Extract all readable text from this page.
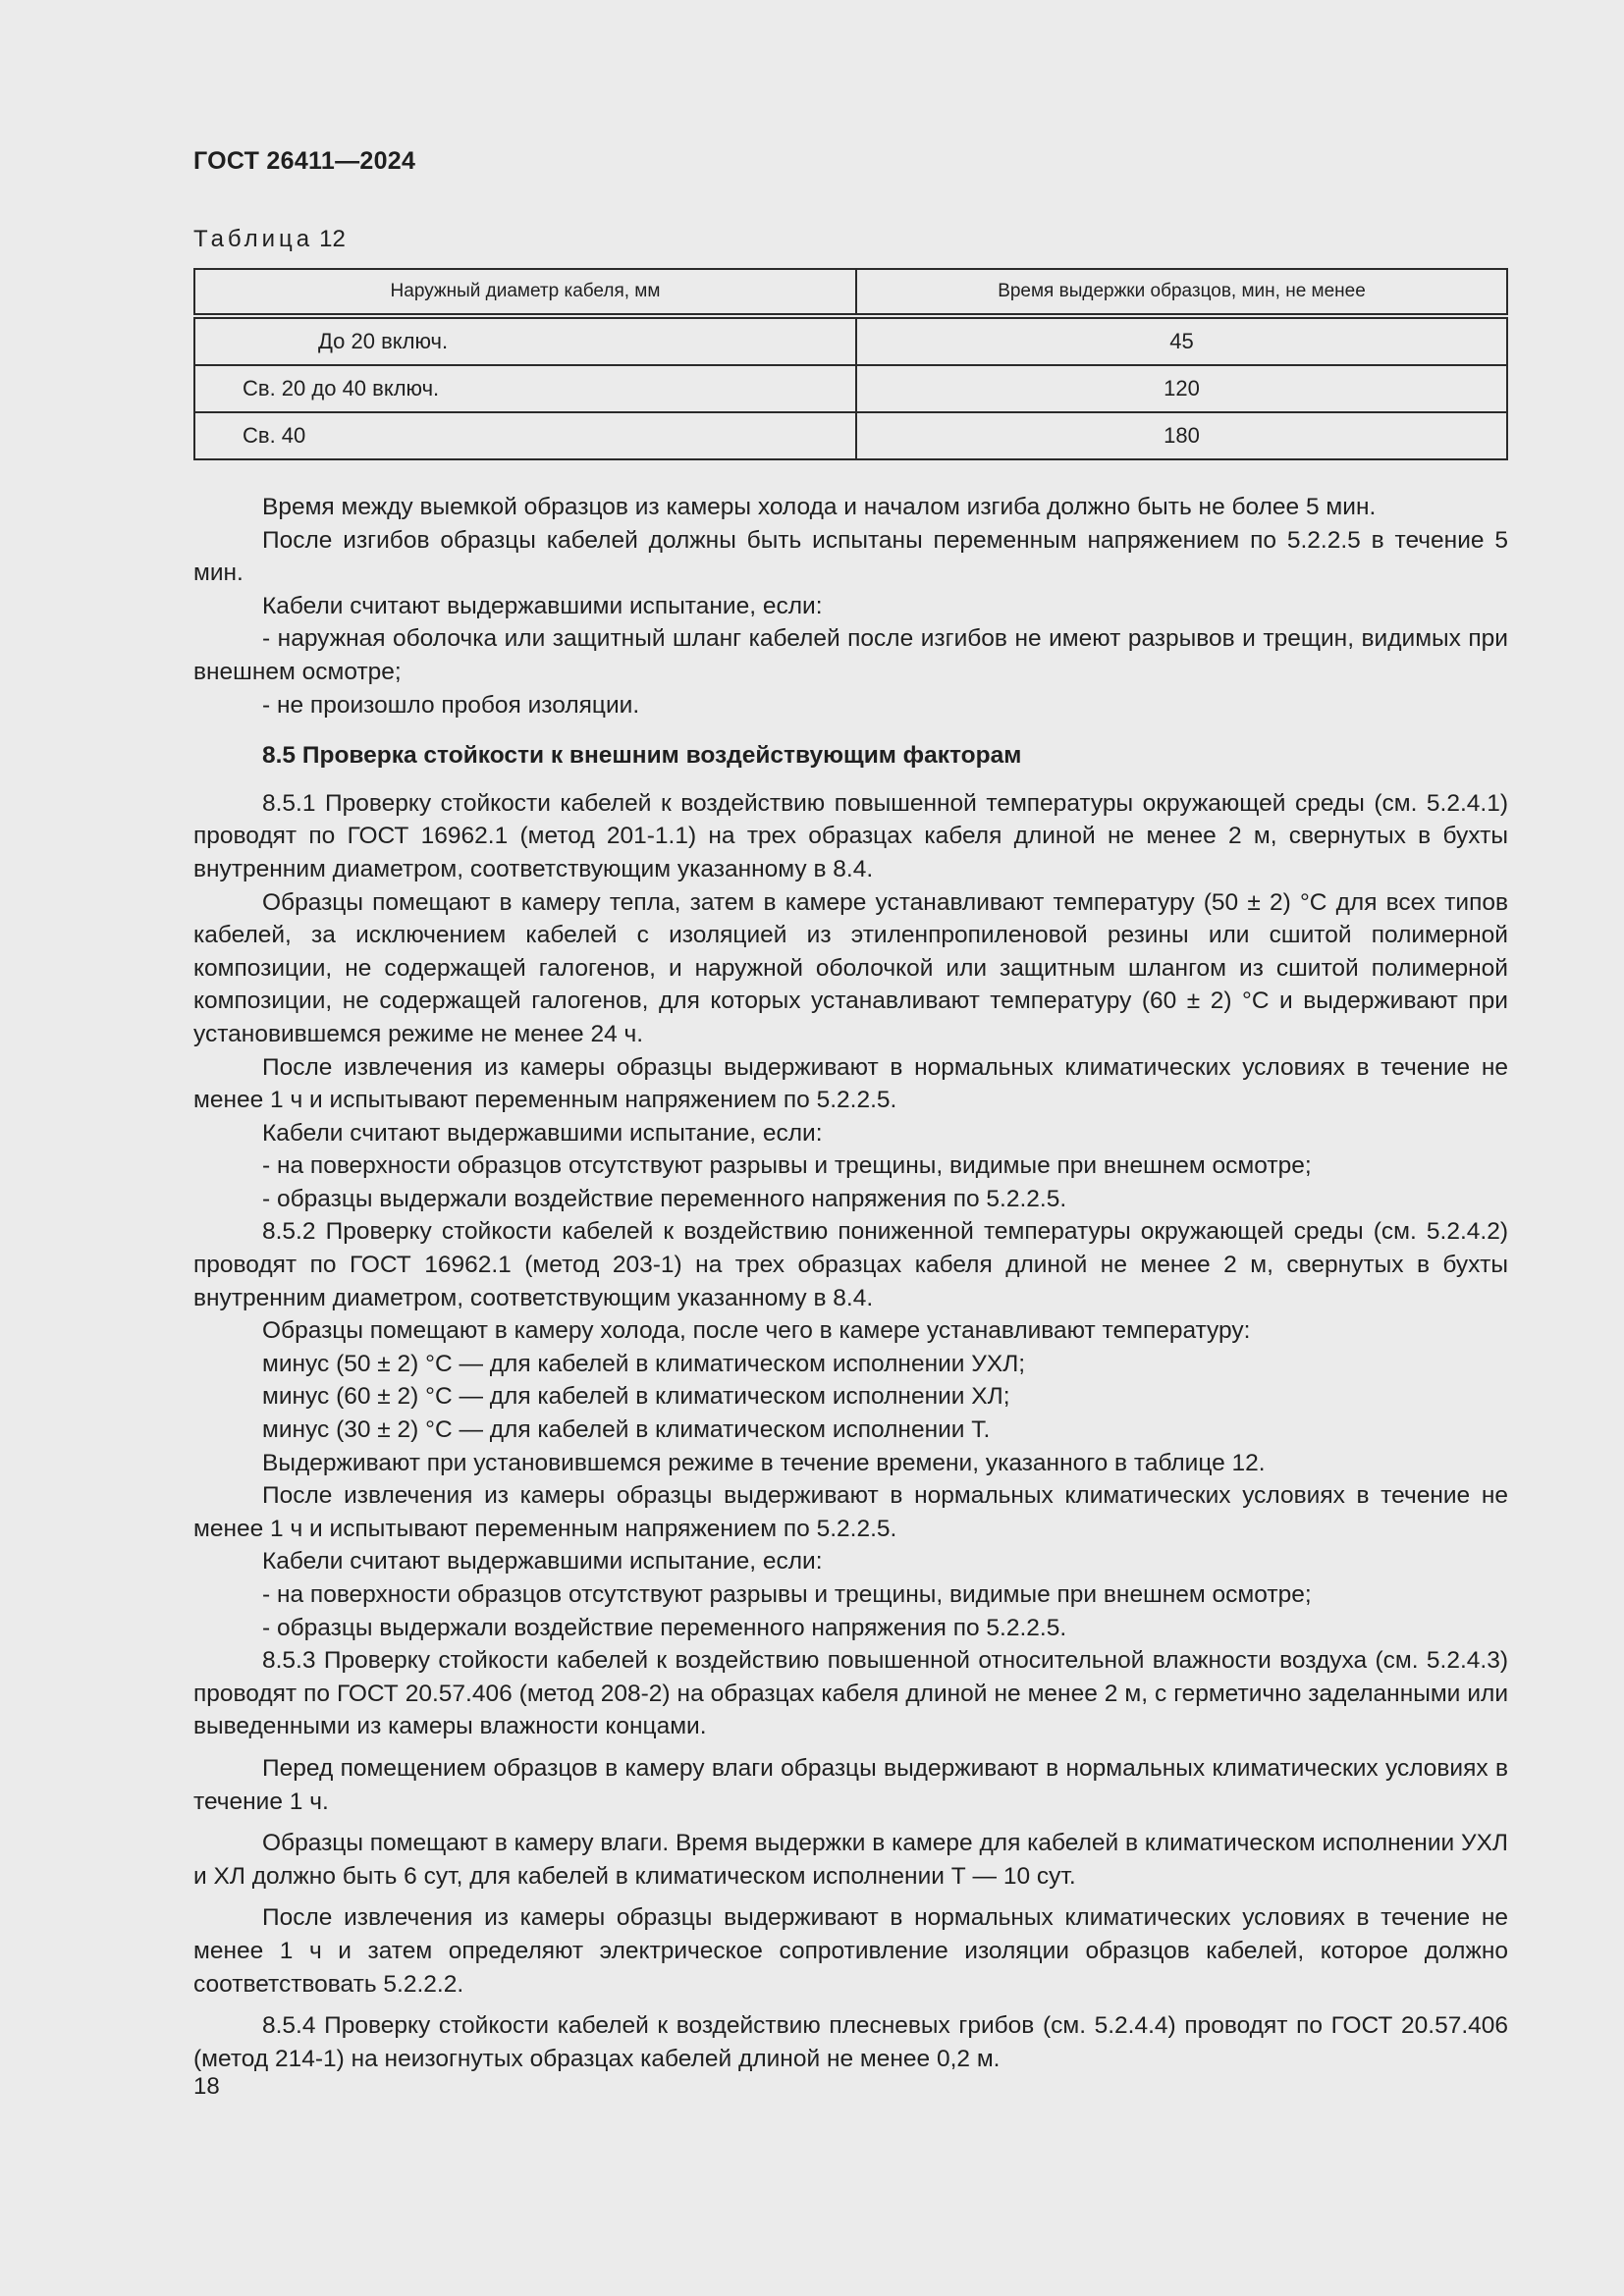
ГОСТ 26411—2024
Таблица 12
Наружный диаметр кабеля, мм	Время выдержки образцов, мин, не менее
До 20 включ.	45
Св. 20 до 40 включ.	120
Св. 40	180

Время между выемкой образцов из камеры холода и началом изгиба должно быть не более 5 мин.

После изгибов образцы кабелей должны быть испытаны переменным напряжением по 5.2.2.5 в течение 5 мин.

Кабели считают выдержавшими испытание, если:

- наружная оболочка или защитный шланг кабелей после изгибов не имеют разрывов и трещин, видимых при внешнем осмотре;

- не произошло пробоя изоляции.

8.5 Проверка стойкости к внешним воздействующим факторам

8.5.1 Проверку стойкости кабелей к воздействию повышенной температуры окружающей среды (см. 5.2.4.1) проводят по ГОСТ 16962.1 (метод 201-1.1) на трех образцах кабеля длиной не менее 2 м, свернутых в бухты внутренним диаметром, соответствующим указанному в 8.4.

Образцы помещают в камеру тепла, затем в камере устанавливают температуру (50 ± 2) °С для всех типов кабелей, за исключением кабелей с изоляцией из этиленпропиленовой резины или сшитой полимерной композиции, не содержащей галогенов, и наружной оболочкой или защитным шлангом из сшитой полимерной композиции, не содержащей галогенов, для которых устанавливают температуру (60 ± 2) °С и выдерживают при установившемся режиме не менее 24 ч.

После извлечения из камеры образцы выдерживают в нормальных климатических условиях в течение не менее 1 ч и испытывают переменным напряжением по 5.2.2.5.

Кабели считают выдержавшими испытание, если:

- на поверхности образцов отсутствуют разрывы и трещины, видимые при внешнем осмотре;

- образцы выдержали воздействие переменного напряжения по 5.2.2.5.

8.5.2 Проверку стойкости кабелей к воздействию пониженной температуры окружающей среды (см. 5.2.4.2) проводят по ГОСТ 16962.1 (метод 203-1) на трех образцах кабеля длиной не менее 2 м, свернутых в бухты внутренним диаметром, соответствующим указанному в 8.4.

Образцы помещают в камеру холода, после чего в камере устанавливают температуру:

минус (50 ± 2) °С — для кабелей в климатическом исполнении УХЛ;

минус (60 ± 2) °С — для кабелей в климатическом исполнении ХЛ;

минус (30 ± 2) °С — для кабелей в климатическом исполнении Т.

Выдерживают при установившемся режиме в течение времени, указанного в таблице 12.

После извлечения из камеры образцы выдерживают в нормальных климатических условиях в течение не менее 1 ч и испытывают переменным напряжением по 5.2.2.5.

Кабели считают выдержавшими испытание, если:

- на поверхности образцов отсутствуют разрывы и трещины, видимые при внешнем осмотре;

- образцы выдержали воздействие переменного напряжения по 5.2.2.5.

8.5.3 Проверку стойкости кабелей к воздействию повышенной относительной влажности воздуха (см. 5.2.4.3) проводят по ГОСТ 20.57.406 (метод 208-2) на образцах кабеля длиной не менее 2 м, с герметично заделанными или выведенными из камеры влажности концами.

Перед помещением образцов в камеру влаги образцы выдерживают в нормальных климатических условиях в течение 1 ч.

Образцы помещают в камеру влаги. Время выдержки в камере для кабелей в климатическом исполнении УХЛ и ХЛ должно быть 6 сут, для кабелей в климатическом исполнении Т — 10 сут.

После извлечения из камеры образцы выдерживают в нормальных климатических условиях в течение не менее 1 ч и затем определяют электрическое сопротивление изоляции образцов кабелей, которое должно соответствовать 5.2.2.2.

8.5.4 Проверку стойкости кабелей к воздействию плесневых грибов (см. 5.2.4.4) проводят по ГОСТ 20.57.406 (метод 214-1) на неизогнутых образцах кабелей длиной не менее 0,2 м.

18
